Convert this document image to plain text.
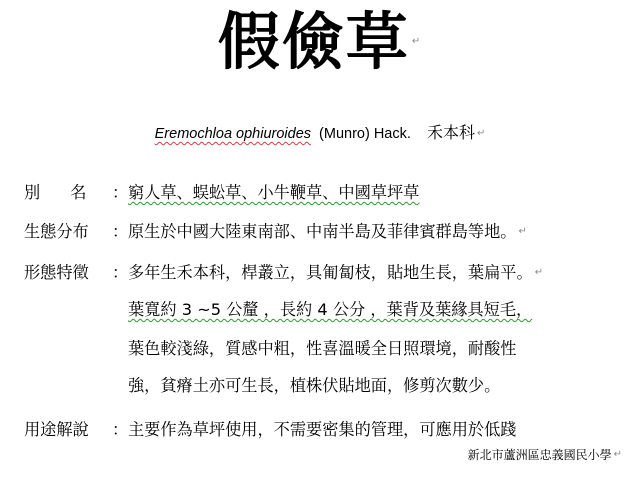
假儉草 ↵
Eremochloa ophiuroides (Munro) Hack. 禾本科 ↵
別名 ：窮人草、蜈蚣草、小牛鞭草、中國草坪草
生態分布 ：原生於中國大陸東南部、中南半島及菲律賓群島等地。 ↵
形態特徵 ：多年生禾本科，桿叢立，具匍匐枝，貼地生長，葉扁平。 ↵
葉寬約 3 ~5 公釐 ，長約 4 公分 ，葉背及葉緣具短毛，
葉色較淺綠，質感中粗，性喜溫暖全日照環境，耐酸性
強，貧瘠土亦可生長，植株伏貼地面，修剪次數少。
用途解說 ：主要作為草坪使用，不需要密集的管理，可應用於低踐
新北市蘆洲區忠義國民小學 ↵
